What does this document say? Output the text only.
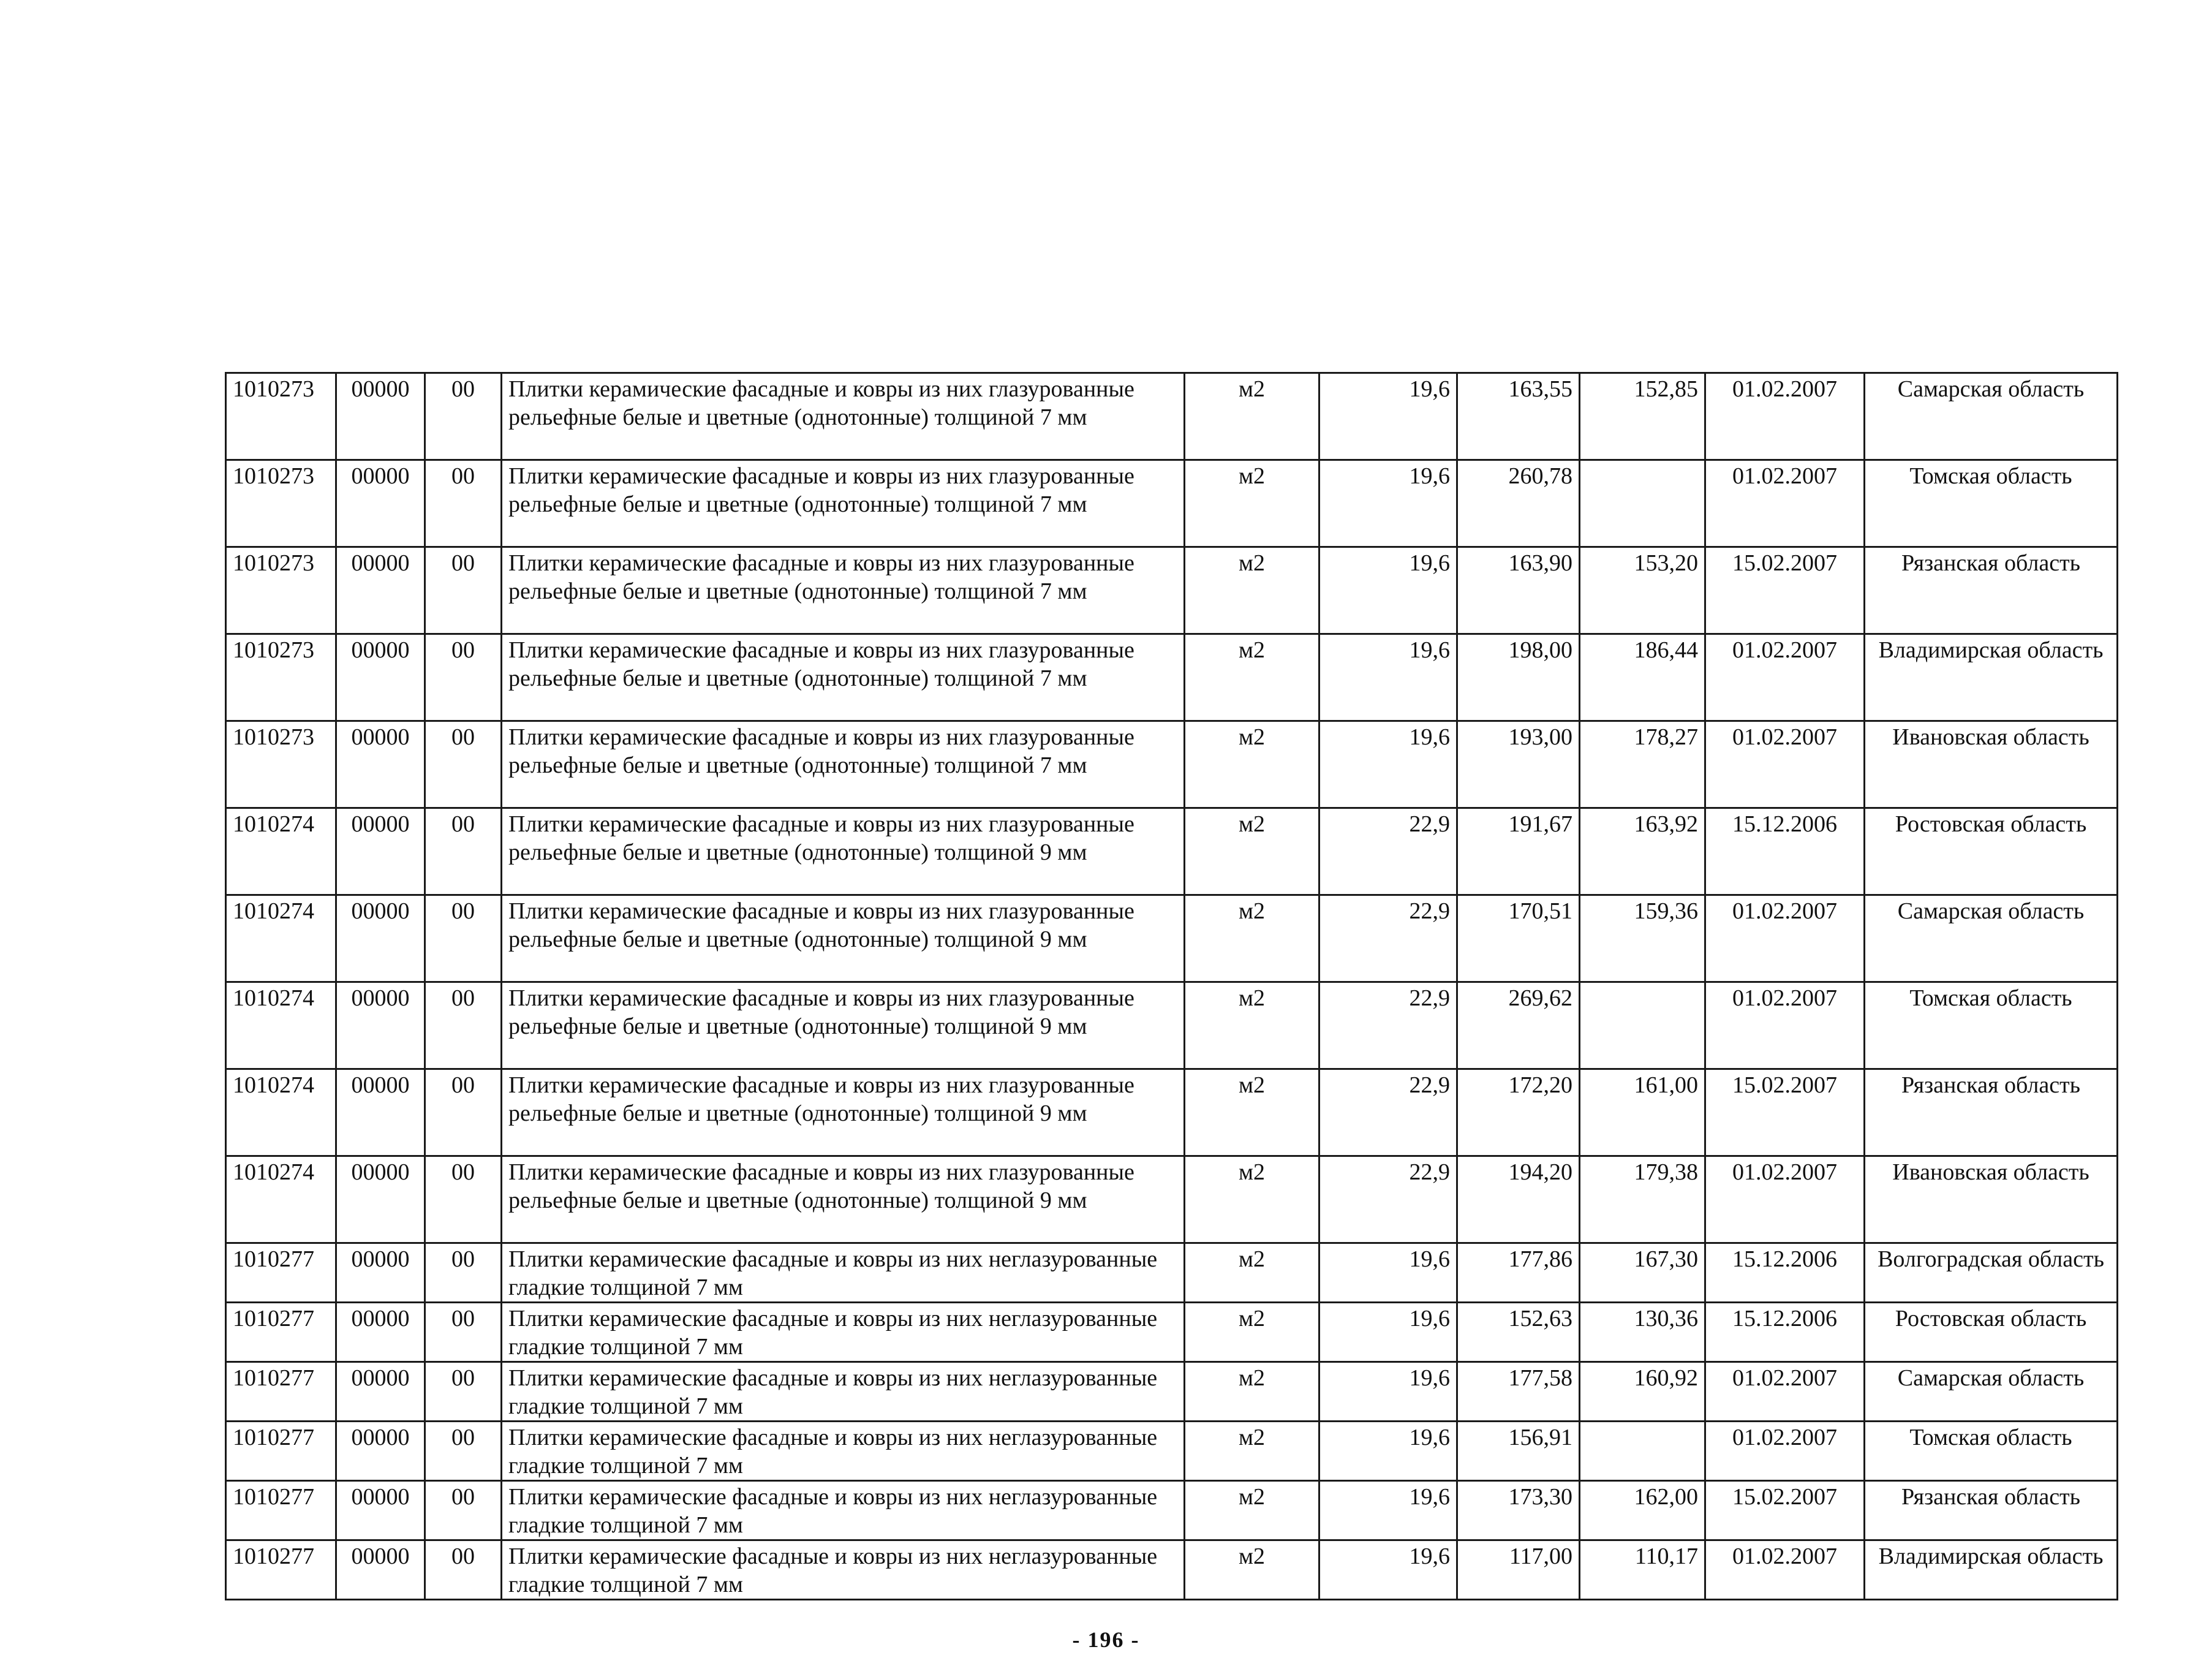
1010273	00000	00	Плитки керамические фасадные и ковры из них глазурованные рельефные белые и цветные (однотонные) толщиной 7 мм	м2	19,6	163,55	152,85	01.02.2007	Самарская область
1010273	00000	00	Плитки керамические фасадные и ковры из них глазурованные рельефные белые и цветные (однотонные) толщиной 7 мм	м2	19,6	260,78		01.02.2007	Томская область
1010273	00000	00	Плитки керамические фасадные и ковры из них глазурованные рельефные белые и цветные (однотонные) толщиной 7 мм	м2	19,6	163,90	153,20	15.02.2007	Рязанская область
1010273	00000	00	Плитки керамические фасадные и ковры из них глазурованные рельефные белые и цветные (однотонные) толщиной 7 мм	м2	19,6	198,00	186,44	01.02.2007	Владимирская область
1010273	00000	00	Плитки керамические фасадные и ковры из них глазурованные рельефные белые и цветные (однотонные) толщиной 7 мм	м2	19,6	193,00	178,27	01.02.2007	Ивановская область
1010274	00000	00	Плитки керамические фасадные и ковры из них глазурованные рельефные белые и цветные (однотонные) толщиной 9 мм	м2	22,9	191,67	163,92	15.12.2006	Ростовская область
1010274	00000	00	Плитки керамические фасадные и ковры из них глазурованные рельефные белые и цветные (однотонные) толщиной 9 мм	м2	22,9	170,51	159,36	01.02.2007	Самарская область
1010274	00000	00	Плитки керамические фасадные и ковры из них глазурованные рельефные белые и цветные (однотонные) толщиной 9 мм	м2	22,9	269,62		01.02.2007	Томская область
1010274	00000	00	Плитки керамические фасадные и ковры из них глазурованные рельефные белые и цветные (однотонные) толщиной 9 мм	м2	22,9	172,20	161,00	15.02.2007	Рязанская область
1010274	00000	00	Плитки керамические фасадные и ковры из них глазурованные рельефные белые и цветные (однотонные) толщиной 9 мм	м2	22,9	194,20	179,38	01.02.2007	Ивановская область
1010277	00000	00	Плитки керамические фасадные и ковры из них неглазурованные гладкие толщиной 7 мм	м2	19,6	177,86	167,30	15.12.2006	Волгоградская область
1010277	00000	00	Плитки керамические фасадные и ковры из них неглазурованные гладкие толщиной 7 мм	м2	19,6	152,63	130,36	15.12.2006	Ростовская область
1010277	00000	00	Плитки керамические фасадные и ковры из них неглазурованные гладкие толщиной 7 мм	м2	19,6	177,58	160,92	01.02.2007	Самарская область
1010277	00000	00	Плитки керамические фасадные и ковры из них неглазурованные гладкие толщиной 7 мм	м2	19,6	156,91		01.02.2007	Томская область
1010277	00000	00	Плитки керамические фасадные и ковры из них неглазурованные гладкие толщиной 7 мм	м2	19,6	173,30	162,00	15.02.2007	Рязанская область
1010277	00000	00	Плитки керамические фасадные и ковры из них неглазурованные гладкие толщиной 7 мм	м2	19,6	117,00	110,17	01.02.2007	Владимирская область
- 196 -
